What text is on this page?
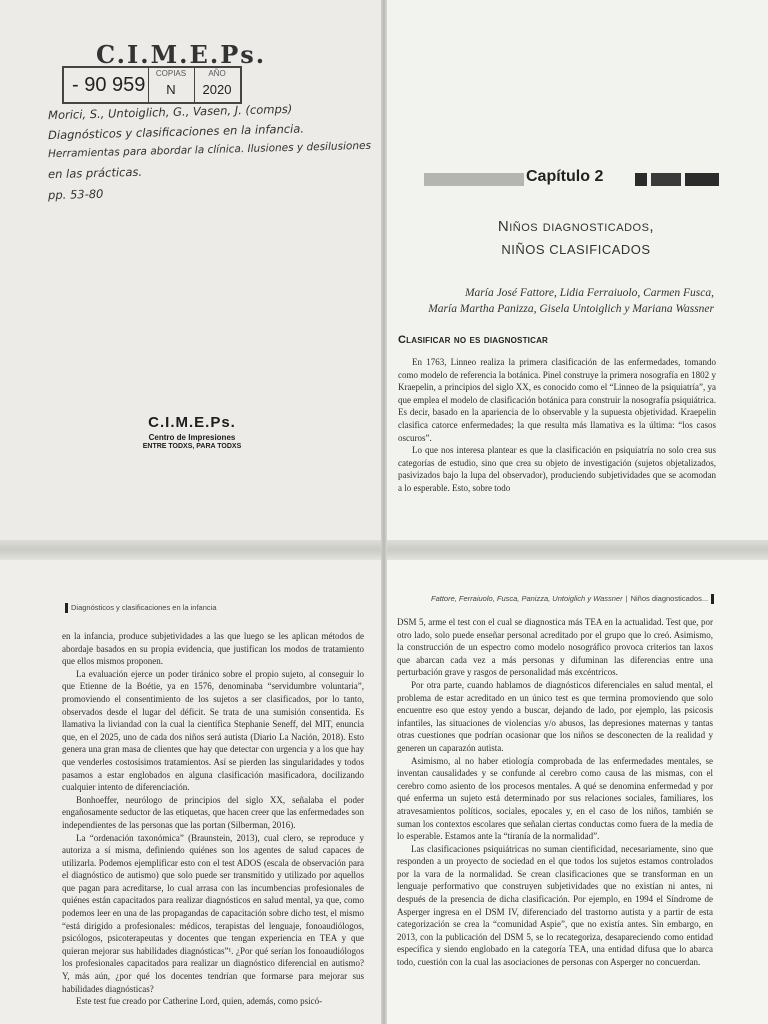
C.I.M.E.Ps.
- 90 959
COPIAS
N
AÑO
2020
Morici, S., Untoiglich, G., Vasen, J. (comps)
Diagnósticos y clasificaciones en la infancia.
Herramientas para abordar la clínica. Ilusiones y desilusiones
en las prácticas.
pp. 53-80
C.I.M.E.Ps.
Centro de Impresiones
ENTRE TODXS, PARA TODXS
Capítulo 2
Niños diagnosticados,
NIÑOS CLASIFICADOS
María José Fattore, Lidia Ferraiuolo, Carmen Fusca,
María Martha Panizza, Gisela Untoiglich y Mariana Wassner
Clasificar no es diagnosticar

En 1763, Linneo realiza la primera clasificación de las enfermedades, tomando como modelo de referencia la botánica. Pinel construye la primera nosografía en 1802 y Kraepelin, a principios del siglo XX, es conocido como el “Linneo de la psiquiatría”, ya que emplea el modelo de clasificación botánica para construir la nosografía psiquiátrica. Es decir, basado en la apariencia de lo observable y la supuesta objetividad. Kraepelin clasifica catorce enfermedades; la que resulta más llamativa es la última: “los casos oscuros”.

Lo que nos interesa plantear es que la clasificación en psiquiatría no solo crea sus categorías de estudio, sino que crea su objeto de investigación (sujetos objetalizados, pasivizados bajo la lupa del observador), produciendo subjetividades que se acomodan a lo esperable. Esto, sobre todo

Diagnósticos y clasificaciones en la infancia

en la infancia, produce subjetividades a las que luego se les aplican métodos de abordaje basados en su propia evidencia, que justifican los modos de tratamiento que ellos mismos proponen.

La evaluación ejerce un poder tiránico sobre el propio sujeto, al conseguir lo que Etienne de la Boétie, ya en 1576, denominaba “servidumbre voluntaria”, promoviendo el consentimiento de los sujetos a ser clasificados, por lo tanto, observados desde el lugar del déficit. Se trata de una sumisión consentida. Es llamativa la liviandad con la cual la científica Stephanie Seneff, del MIT, enuncia que, en el 2025, uno de cada dos niños será autista (Diario La Nación, 2018). Esto genera una gran masa de clientes que hay que detectar con urgencia y a los que hay que venderles costosísimos tratamientos. Así se pierden las singularidades y todos pasamos a estar englobados en alguna clasificación masificadora, docilizando cualquier intento de diferenciación.

Bonhoeffer, neurólogo de principios del siglo XX, señalaba el poder engañosamente seductor de las etiquetas, que hacen creer que las enfermedades son independientes de las personas que las portan (Silberman, 2016).

La “ordenación taxonómica” (Braunstein, 2013), cual clero, se reproduce y autoriza a sí misma, definiendo quiénes son los agentes de salud capaces de utilizarla. Podemos ejemplificar esto con el test ADOS (escala de observación para el diagnóstico de autismo) que solo puede ser transmitido y utilizado por aquellos que pagan para acreditarse, lo cual arrasa con las incumbencias profesionales de quiénes están capacitados para realizar diagnósticos en salud mental, ya que, como podemos leer en una de las propagandas de capacitación sobre dicho test, el mismo “está dirigido a profesionales: médicos, terapistas del lenguaje, fonoaudiólogos, psicólogos, psicoterapeutas y docentes que tengan experiencia en TEA y que quieran mejorar sus habilidades diagnósticas”¹. ¿Por qué serían los fonoaudiólogos los profesionales capacitados para realizar un diagnóstico diferencial en autismo? Y, más aún, ¿por qué los docentes tendrían que formarse para mejorar sus habilidades diagnósticas?

Este test fue creado por Catherine Lord, quien, además, como psicó-

Fattore, Ferraiuolo, Fusca, Panizza, Untoiglich y Wassner | Niños diagnosticados...

DSM 5, arme el test con el cual se diagnostica más TEA en la actualidad. Test que, por otro lado, solo puede enseñar personal acreditado por el grupo que lo creó. Asimismo, la construcción de un espectro como modelo nosográfico provoca criterios tan laxos que abarcan cada vez a más personas y difuminan las diferencias entre una perturbación grave y rasgos de personalidad más excéntricos.

Por otra parte, cuando hablamos de diagnósticos diferenciales en salud mental, el problema de estar acreditado en un único test es que termina promoviendo que solo encuentre eso que estoy yendo a buscar, dejando de lado, por ejemplo, las psicosis infantiles, las situaciones de violencias y/o abusos, las depresiones maternas y tantas otras cuestiones que podrían ocasionar que los niños se desconecten de la realidad y generen un caparazón autista.

Asimismo, al no haber etiología comprobada de las enfermedades mentales, se inventan causalidades y se confunde al cerebro como causa de las mismas, con el cerebro como asiento de los procesos mentales. A qué se denomina enfermedad y por qué enferma un sujeto está determinado por sus relaciones sociales, familiares, los atravesamientos políticos, sociales, epocales y, en el caso de los niños, también se suman los contextos escolares que señalan ciertas conductas como fuera de la media de lo esperable. Estamos ante la “tiranía de la normalidad”.

Las clasificaciones psiquiátricas no suman cientificidad, necesariamente, sino que responden a un proyecto de sociedad en el que todos los sujetos estamos controlados por la vara de la normalidad. Se crean clasificaciones que se transforman en un lenguaje performativo que construyen subjetividades que no existían ni antes, ni después de la presencia de dicha clasificación. Por ejemplo, en 1994 el Síndrome de Asperger ingresa en el DSM IV, diferenciado del trastorno autista y a partir de esta categorización se crea la “comunidad Aspie”, que no existía antes. Sin embargo, en 2013, con la publicación del DSM 5, se lo recategoriza, desapareciendo como entidad específica y siendo englobado en la categoría TEA, una entidad difusa que lo abarca todo, cuestión con la cual las asociaciones de personas con Asperger no concuerdan.
